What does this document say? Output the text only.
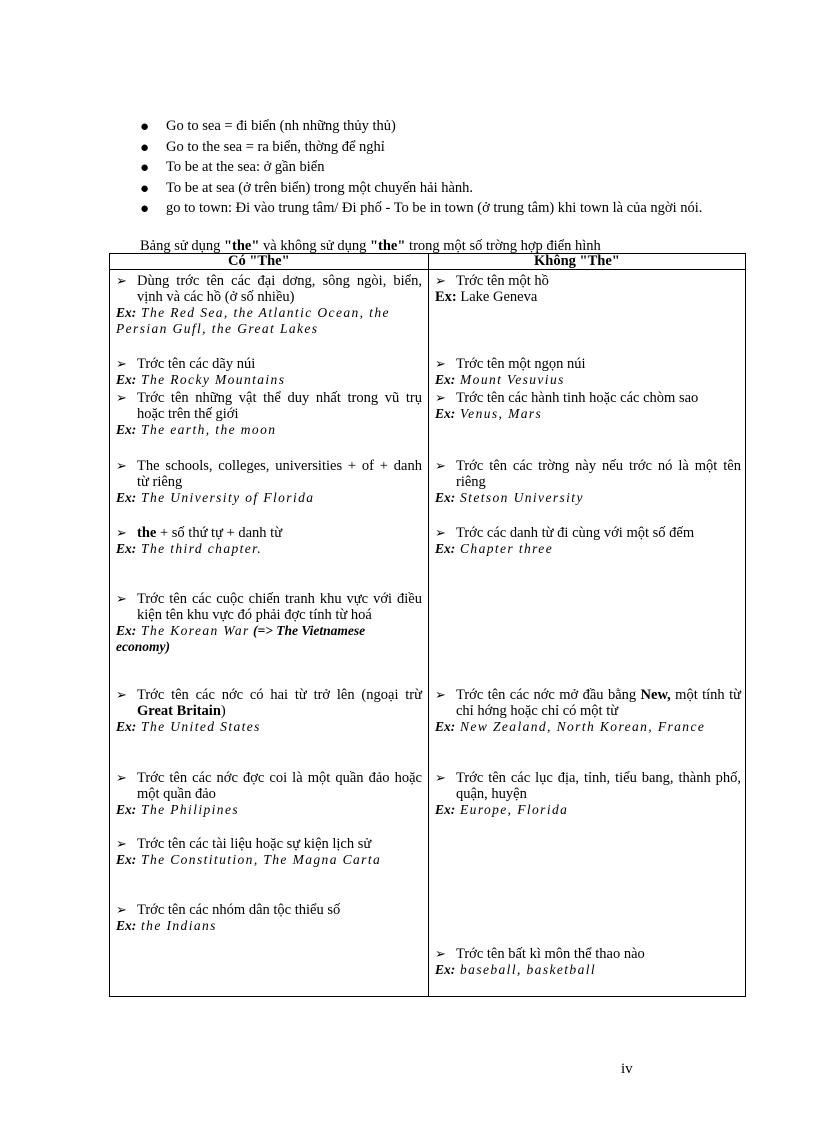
● Go to sea = đi biển (nh những thủy thủ)
● Go to the sea = ra biển, thờng để nghỉ
● To be at the sea: ở gần biển
● To be at sea (ở trên biển) trong một chuyến hải hành.
● go to town: Đi vào trung tâm/ Đi phố - To be in town (ở trung tâm) khi town là của ngời nói.
Bảng sử dụng "the" và không sử dụng "the" trong một số trờng hợp điển hình
Có "The"	Không "The"
➢ Dùng trớc tên các đại dơng, sông ngòi, biển, vịnh và các hồ (ở số nhiều)
Ex: The Red Sea, the Atlantic Ocean, the Persian Gufl, the Great Lakes
➢ Trớc tên các dãy núi
Ex: The Rocky Mountains
➢ Trớc tên những vật thể duy nhất trong vũ trụ hoặc trên thế giới
Ex: The earth, the moon
➢ The schools, colleges, universities + of + danh từ riêng
Ex: The University of Florida
➢ the + số thứ tự + danh từ
Ex: The third chapter.
➢ Trớc tên các cuộc chiến tranh khu vực với điều kiện tên khu vực đó phải đợc tính từ hoá
Ex: The Korean War (=> The Vietnamese economy)
➢ Trớc tên các nớc có hai từ trở lên (ngoại trừ Great Britain)
Ex: The United States
➢ Trớc tên các nớc đợc coi là một quần đảo hoặc một quần đảo
Ex: The Philipines
➢ Trớc tên các tài liệu hoặc sự kiện lịch sử
Ex: The Constitution, The Magna Carta
➢ Trớc tên các nhóm dân tộc thiểu số
Ex: the Indians
➢ Trớc tên một hồ
Ex: Lake Geneva
➢ Trớc tên một ngọn núi
Ex: Mount Vesuvius
➢ Trớc tên các hành tinh hoặc các chòm sao
Ex: Venus, Mars
➢ Trớc tên các trờng này nếu trớc nó là một tên riêng
Ex: Stetson University
➢ Trớc các danh từ đi cùng với một số đếm
Ex: Chapter three
➢ Trớc tên các nớc mở đầu bằng New, một tính từ chỉ hớng hoặc chỉ có một từ
Ex: New Zealand, North Korean, France
➢ Trớc tên các lục địa, tỉnh, tiểu bang, thành phố, quận, huyện
Ex: Europe, Florida
➢ Trớc tên bất kì môn thể thao nào
Ex: baseball, basketball
iv
